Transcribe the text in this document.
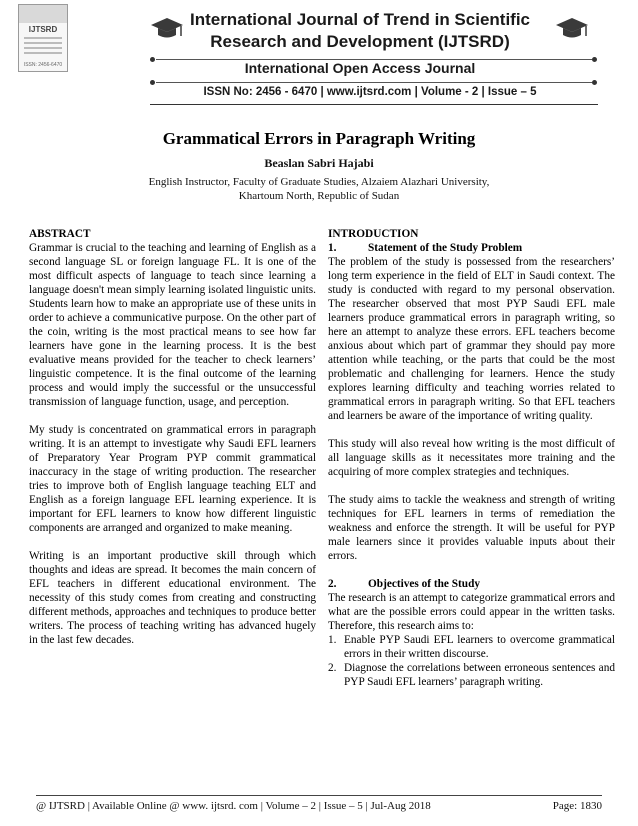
IJTSRD
ISSN: 2456-6470
International Journal of Trend in Scientific
Research and Development (IJTSRD)
International Open Access Journal
ISSN No: 2456 - 6470 | www.ijtsrd.com | Volume - 2 | Issue – 5
Grammatical Errors in Paragraph Writing
Beaslan Sabri Hajabi
English Instructor, Faculty of Graduate Studies, Alzaiem Alazhari University,
Khartoum North, Republic of Sudan
ABSTRACT

Grammar is crucial to the teaching and learning of English as a second language SL or foreign language FL. It is one of the most difficult aspects of language to teach since learning a language doesn't mean simply learning isolated linguistic units. Students learn how to make an appropriate use of these units in order to achieve a communicative purpose. On the other part of the coin, writing is the most practical means to see how far learners have gone in the learning process. It is the best evaluative means provided for the teacher to check learners’ linguistic competence. It is the final outcome of the learning process and would imply the successful or the unsuccessful transmission of language function, usage, and perception.

My study is concentrated on grammatical errors in paragraph writing. It is an attempt to investigate why Saudi EFL learners of Preparatory Year Program PYP commit grammatical inaccuracy in the stage of writing production. The researcher tries to improve both of English language teaching ELT and English as a foreign language EFL learning experience. It is important for EFL learners to know how different linguistic components are arranged and organized to make meaning.

Writing is an important productive skill through which thoughts and ideas are spread. It becomes the main concern of EFL teachers in different educational environment. The necessity of this study comes from creating and constructing different methods, approaches and techniques to produce better writers. The process of teaching writing has advanced hugely in the last few decades.

INTRODUCTION
1.	Statement of the Study Problem

The problem of the study is possessed from the researchers’ long term experience in the field of ELT in Saudi context. The study is conducted with regard to my personal observation. The researcher observed that most PYP Saudi EFL male learners produce grammatical errors in paragraph writing, so here an attempt to analyze these errors. EFL teachers become anxious about which part of grammar they should pay more attention while teaching, or the parts that could be the most problematic and challenging for learners. Hence the study explores learning difficulty and teaching worries related to grammatical errors in paragraph writing. So that EFL teachers and learners be aware of the importance of writing quality.

This study will also reveal how writing is the most difficult of all language skills as it necessitates more training and the acquiring of more complex strategies and techniques.

The study aims to tackle the weakness and strength of writing techniques for EFL learners in terms of remediation the weakness and enforce the strength. It will be useful for PYP male learners since it provides valuable inputs about their errors.

2.	Objectives of the Study

The research is an attempt to categorize grammatical errors and what are the possible errors could appear in the written tasks. Therefore, this research aims to:

1. Enable PYP Saudi EFL learners to overcome grammatical errors in their written discourse.
2. Diagnose the correlations between erroneous sentences and PYP Saudi EFL learners’ paragraph writing.
@ IJTSRD | Available Online @ www. ijtsrd. com | Volume – 2 | Issue – 5 | Jul-Aug 2018	Page: 1830
